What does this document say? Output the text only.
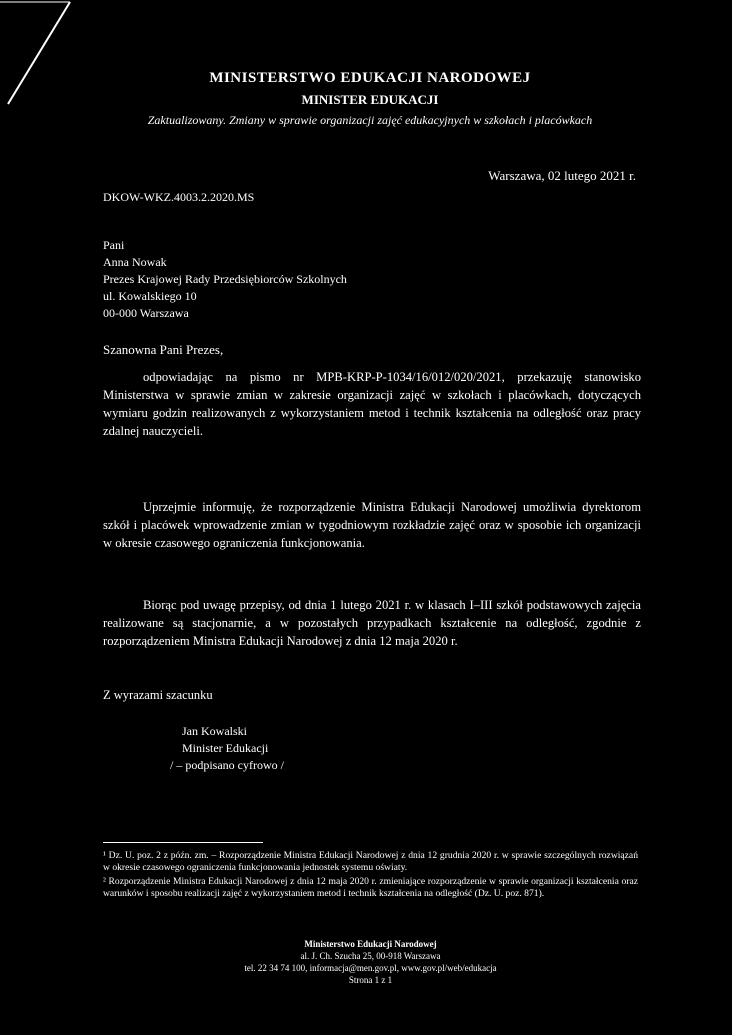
MINISTERSTWO EDUKACJI NARODOWEJ
MINISTER EDUKACJI
Zaktualizowany. Zmiany w sprawie organizacji zajęć edukacyjnych w szkołach i placówkach
Warszawa, 02 lutego 2021 r.
DKOW-WKZ.4003.2.2020.MS
Pani
Anna Nowak
Prezes Krajowej Rady Przedsiębiorców Szkolnych
ul. Kowalskiego 10
00-000 Warszawa
Szanowna Pani Prezes,
odpowiadając na pismo nr MPB-KRP-P-1034/16/012/020/2021, przekazuję stanowisko Ministerstwa w sprawie zmian w zakresie organizacji zajęć w szkołach i placówkach, dotyczących wymiaru godzin realizowanych z wykorzystaniem metod i technik kształcenia na odległość oraz pracy zdalnej nauczycieli.
Uprzejmie informuję, że rozporządzenie Ministra Edukacji Narodowej umożliwia dyrektorom szkół i placówek wprowadzenie zmian w tygodniowym rozkładzie zajęć oraz w sposobie ich organizacji w okresie czasowego ograniczenia funkcjonowania.
Biorąc pod uwagę przepisy, od dnia 1 lutego 2021 r. w klasach I–III szkół podstawowych zajęcia realizowane są stacjonarnie, a w pozostałych przypadkach kształcenie na odległość, zgodnie z rozporządzeniem Ministra Edukacji Narodowej z dnia 12 maja 2020 r.
Z wyrazami szacunku
Jan Kowalski
Minister Edukacji
/ – podpisano cyfrowo /

¹ Dz. U. poz. 2 z późn. zm. – Rozporządzenie Ministra Edukacji Narodowej z dnia 12 grudnia 2020 r. w sprawie szczególnych rozwiązań w okresie czasowego ograniczenia funkcjonowania jednostek systemu oświaty.

² Rozporządzenie Ministra Edukacji Narodowej z dnia 12 maja 2020 r. zmieniające rozporządzenie w sprawie organizacji kształcenia oraz warunków i sposobu realizacji zajęć z wykorzystaniem metod i technik kształcenia na odległość (Dz. U. poz. 871).

Ministerstwo Edukacji Narodowej
al. J. Ch. Szucha 25, 00-918 Warszawa
tel. 22 34 74 100, informacja@men.gov.pl, www.gov.pl/web/edukacja
Strona 1 z 1
